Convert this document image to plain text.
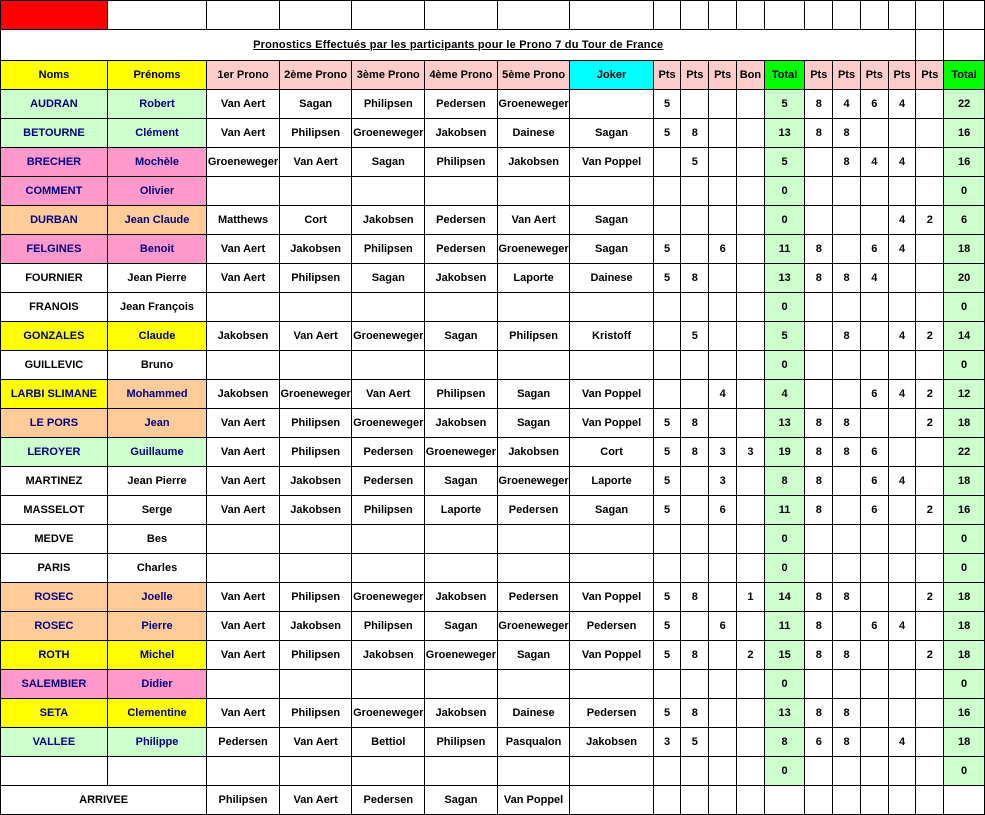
Pronostics Effectués par les participants pour le Prono 7 du Tour de France																		
Noms	Prénoms	1er Prono	2ème Prono	3ème Prono	4ème Prono	5ème Prono	Joker	Pts	Pts	Pts	Bon	Total	Pts	Pts	Pts	Pts	Pts	Total
AUDRAN	Robert	Van Aert	Sagan	Philipsen	Pedersen	Groeneweger		5				5	8	4	6	4		22
BETOURNE	Clément	Van Aert	Philipsen	Groeneweger	Jakobsen	Dainese	Sagan	5	8			13	8	8				16
BRECHER	Mochèle	Groeneweger	Van Aert	Sagan	Philipsen	Jakobsen	Van Poppel		5			5		8	4	4		16
COMMENT	Olivier											0						0
DURBAN	Jean Claude	Matthews	Cort	Jakobsen	Pedersen	Van Aert	Sagan					0				4	2	6
FELGINES	Benoit	Van Aert	Jakobsen	Philipsen	Pedersen	Groeneweger	Sagan	5		6		11	8		6	4		18
FOURNIER	Jean Pierre	Van Aert	Philipsen	Sagan	Jakobsen	Laporte	Dainese	5	8			13	8	8	4			20
FRANOIS	Jean François											0						0
GONZALES	Claude	Jakobsen	Van Aert	Groeneweger	Sagan	Philipsen	Kristoff		5			5		8		4	2	14
GUILLEVIC	Bruno											0						0
LARBI SLIMANE	Mohammed	Jakobsen	Groeneweger	Van Aert	Philipsen	Sagan	Van Poppel			4		4			6	4	2	12
LE PORS	Jean	Van Aert	Philipsen	Groeneweger	Jakobsen	Sagan	Van Poppel	5	8			13	8	8			2	18
LEROYER	Guillaume	Van Aert	Philipsen	Pedersen	Groeneweger	Jakobsen	Cort	5	8	3	3	19	8	8	6			22
MARTINEZ	Jean Pierre	Van Aert	Jakobsen	Pedersen	Sagan	Groeneweger	Laporte	5		3		8	8		6	4		18
MASSELOT	Serge	Van Aert	Jakobsen	Philipsen	Laporte	Pedersen	Sagan	5		6		11	8		6		2	16
MEDVE	Bes											0						0
PARIS	Charles											0						0
ROSEC	Joelle	Van Aert	Philipsen	Groeneweger	Jakobsen	Pedersen	Van Poppel	5	8		1	14	8	8			2	18
ROSEC	Pierre	Van Aert	Jakobsen	Philipsen	Sagan	Groeneweger	Pedersen	5		6		11	8		6	4		18
ROTH	Michel	Van Aert	Philipsen	Jakobsen	Groeneweger	Sagan	Van Poppel	5	8		2	15	8	8			2	18
SALEMBIER	Didier											0						0
SETA	Clementine	Van Aert	Philipsen	Groeneweger	Jakobsen	Dainese	Pedersen	5	8			13	8	8				16
VALLEE	Philippe	Pedersen	Van Aert	Bettiol	Philipsen	Pasqualon	Jakobsen	3	5			8	6	8		4		18
												0						0
ARRIVEE		Philipsen	Van Aert	Pedersen	Sagan	Van Poppel												
